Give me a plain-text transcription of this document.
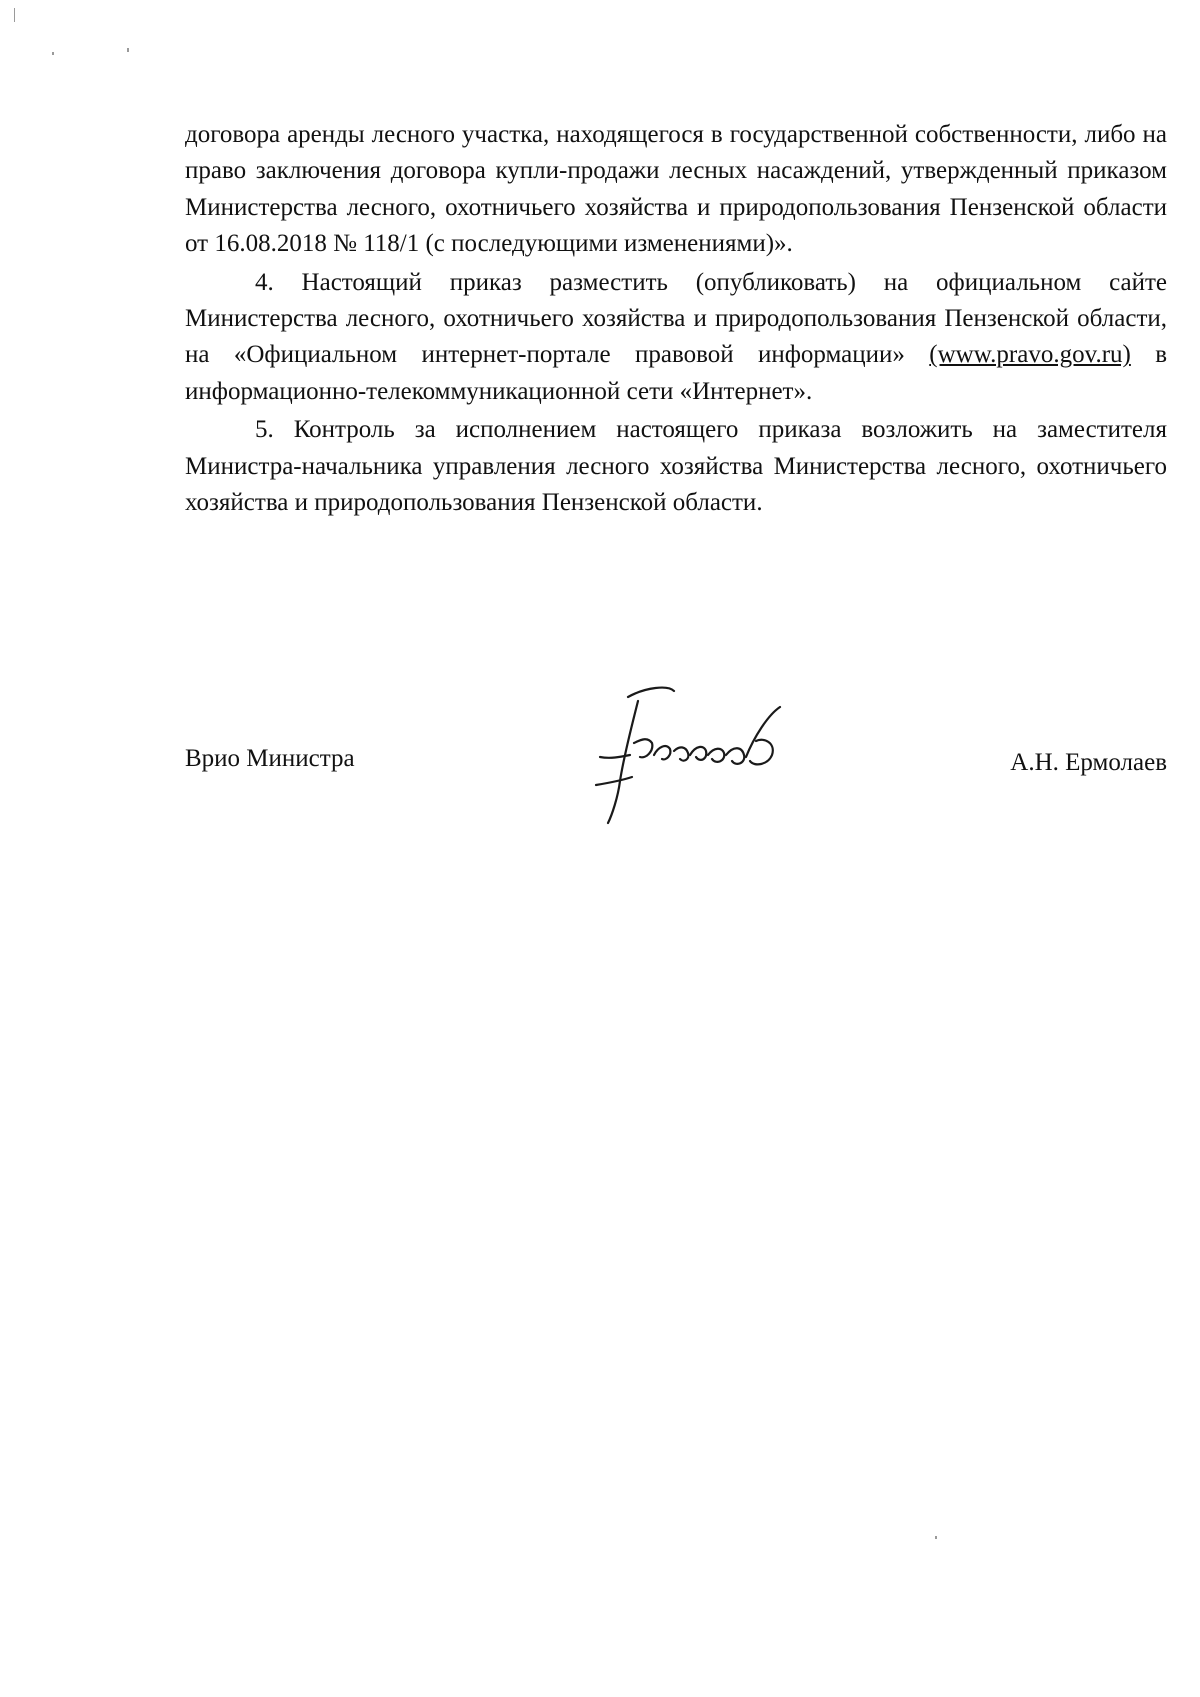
договора аренды лесного участка, находящегося в государственной собственности, либо на право заключения договора купли-продажи лесных насаждений, утвержденный приказом Министерства лесного, охотничьего хозяйства и природопользования Пензенской области от 16.08.2018 № 118/1 (с последующими изменениями)».

4. Настоящий приказ разместить (опубликовать) на официальном сайте Министерства лесного, охотничьего хозяйства и природопользования Пензенской области, на «Официальном интернет-портале правовой информации» (www.pravo.gov.ru) в информационно-телекоммуникационной сети «Интернет».

5. Контроль за исполнением настоящего приказа возложить на заместителя Министра-начальника управления лесного хозяйства Министерства лесного, охотничьего хозяйства и природопользования Пензенской области.

Врио Министра	А.Н. Ермолаев
